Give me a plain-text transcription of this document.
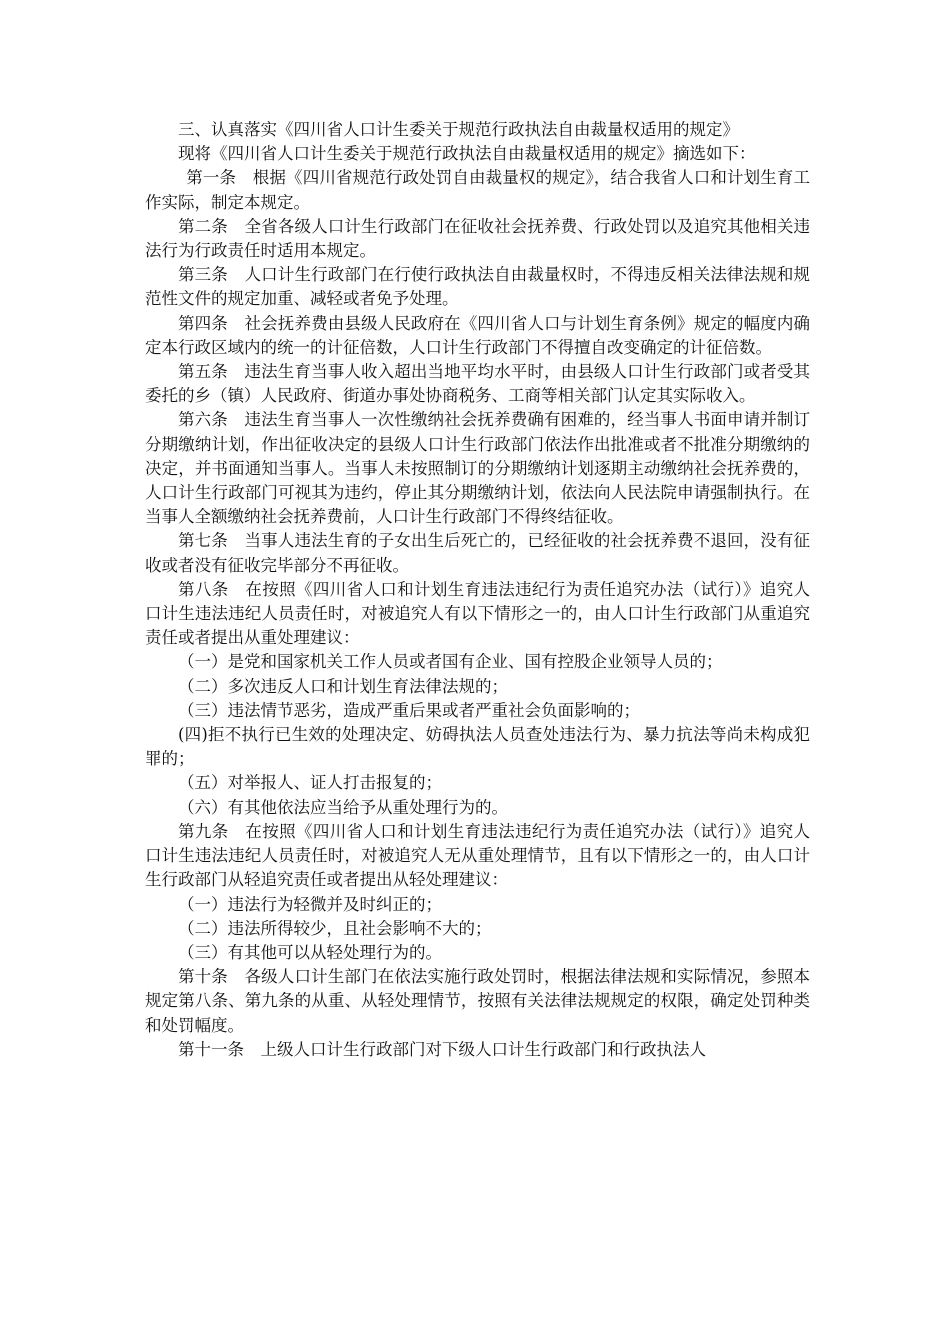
三、认真落实《四川省人口计生委关于规范行政执法自由裁量权适用的规定》

现将《四川省人口计生委关于规范行政执法自由裁量权适用的规定》摘选如下：

第一条　根据《四川省规范行政处罚自由裁量权的规定》，结合我省人口和计划生育工作实际，制定本规定。

第二条　全省各级人口计生行政部门在征收社会抚养费、行政处罚以及追究其他相关违法行为行政责任时适用本规定。

第三条　人口计生行政部门在行使行政执法自由裁量权时，不得违反相关法律法规和规范性文件的规定加重、减轻或者免予处理。

第四条　社会抚养费由县级人民政府在《四川省人口与计划生育条例》规定的幅度内确定本行政区域内的统一的计征倍数，人口计生行政部门不得擅自改变确定的计征倍数。

第五条　违法生育当事人收入超出当地平均水平时，由县级人口计生行政部门或者受其委托的乡（镇）人民政府、街道办事处协商税务、工商等相关部门认定其实际收入。

第六条　违法生育当事人一次性缴纳社会抚养费确有困难的，经当事人书面申请并制订分期缴纳计划，作出征收决定的县级人口计生行政部门依法作出批准或者不批准分期缴纳的决定，并书面通知当事人。当事人未按照制订的分期缴纳计划逐期主动缴纳社会抚养费的，人口计生行政部门可视其为违约，停止其分期缴纳计划，依法向人民法院申请强制执行。在当事人全额缴纳社会抚养费前，人口计生行政部门不得终结征收。

第七条　当事人违法生育的子女出生后死亡的，已经征收的社会抚养费不退回，没有征收或者没有征收完毕部分不再征收。

第八条　在按照《四川省人口和计划生育违法违纪行为责任追究办法（试行）》追究人口计生违法违纪人员责任时，对被追究人有以下情形之一的，由人口计生行政部门从重追究责任或者提出从重处理建议：

（一）是党和国家机关工作人员或者国有企业、国有控股企业领导人员的；

（二）多次违反人口和计划生育法律法规的；

（三）违法情节恶劣，造成严重后果或者严重社会负面影响的；

(四)拒不执行已生效的处理决定、妨碍执法人员查处违法行为、暴力抗法等尚未构成犯罪的；

（五）对举报人、证人打击报复的；

（六）有其他依法应当给予从重处理行为的。

第九条　在按照《四川省人口和计划生育违法违纪行为责任追究办法（试行）》追究人口计生违法违纪人员责任时，对被追究人无从重处理情节，且有以下情形之一的，由人口计生行政部门从轻追究责任或者提出从轻处理建议：

（一）违法行为轻微并及时纠正的；

（二）违法所得较少，且社会影响不大的；

（三）有其他可以从轻处理行为的。

第十条　各级人口计生部门在依法实施行政处罚时，根据法律法规和实际情况，参照本规定第八条、第九条的从重、从轻处理情节，按照有关法律法规规定的权限，确定处罚种类和处罚幅度。

第十一条　上级人口计生行政部门对下级人口计生行政部门和行政执法人
